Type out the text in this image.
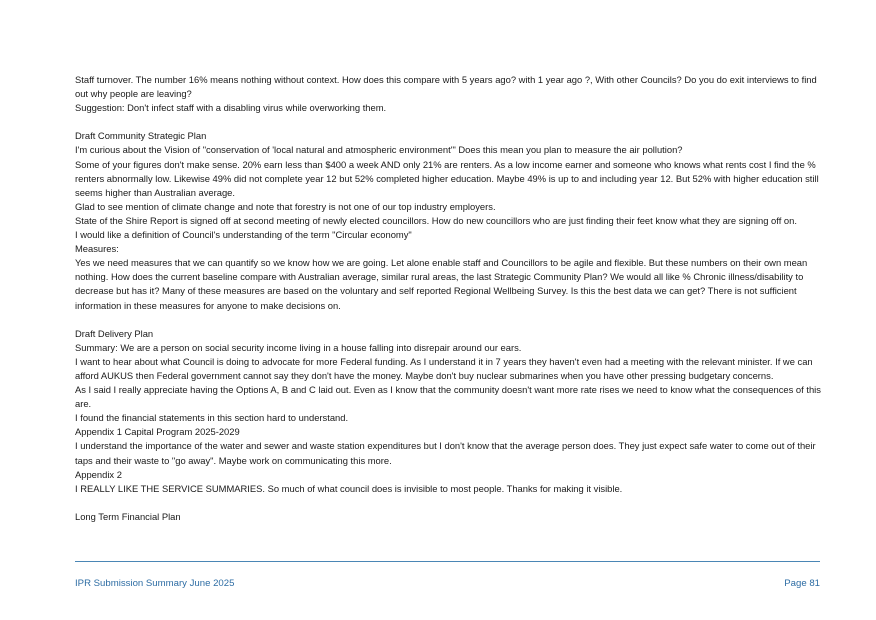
Staff turnover. The number 16% means nothing without context. How does this compare with 5 years ago? with 1 year ago ?, With other Councils? Do you do exit interviews to find out why people are leaving?

Suggestion: Don't infect staff with a disabling virus while overworking them.

Draft Community Strategic Plan

I'm curious about the Vision of "conservation of 'local natural and atmospheric environment'" Does this mean you plan to measure the air pollution?

Some of your figures don't make sense. 20% earn less than $400 a week AND only 21% are renters. As a low income earner and someone who knows what rents cost I find the % renters abnormally low. Likewise 49% did not complete year 12 but 52% completed higher education. Maybe 49% is up to and including year 12. But 52% with higher education still seems higher than Australian average.

Glad to see mention of climate change and note that forestry is not one of our top industry employers.

State of the Shire Report is signed off at second meeting of newly elected councillors. How do new councillors who are just finding their feet know what they are signing off on.

I would like a definition of Council's understanding of the term "Circular economy"

Measures:

Yes we need measures that we can quantify so we know how we are going. Let alone enable staff and Councillors to be agile and flexible. But these numbers on their own mean nothing. How does the current baseline compare with Australian average, similar rural areas, the last Strategic Community Plan? We would all like % Chronic illness/disability to decrease but has it? Many of these measures are based on the voluntary and self reported Regional Wellbeing Survey. Is this the best data we can get? There is not sufficient information in these measures for anyone to make decisions on.

Draft Delivery Plan

Summary: We are a person on social security income living in a house falling into disrepair around our ears.

I want to hear about what Council is doing to advocate for more Federal funding. As I understand it in 7 years they haven't even had a meeting with the relevant minister. If we can afford AUKUS then Federal government cannot say they don't have the money. Maybe don't buy nuclear submarines when you have other pressing budgetary concerns.

As I said I really appreciate having the Options A, B and C laid out. Even as I know that the community doesn't want more rate rises we need to know what the consequences of this are.

I found the financial statements in this section hard to understand.

Appendix 1 Capital Program 2025-2029

I understand the importance of the water and sewer and waste station expenditures but I don't know that the average person does. They just expect safe water to come out of their taps and their waste to "go away". Maybe work on communicating this more.

Appendix 2

I REALLY LIKE THE SERVICE SUMMARIES. So much of what council does is invisible to most people. Thanks for making it visible.

Long Term Financial Plan

IPR Submission Summary June 2025	Page 81
